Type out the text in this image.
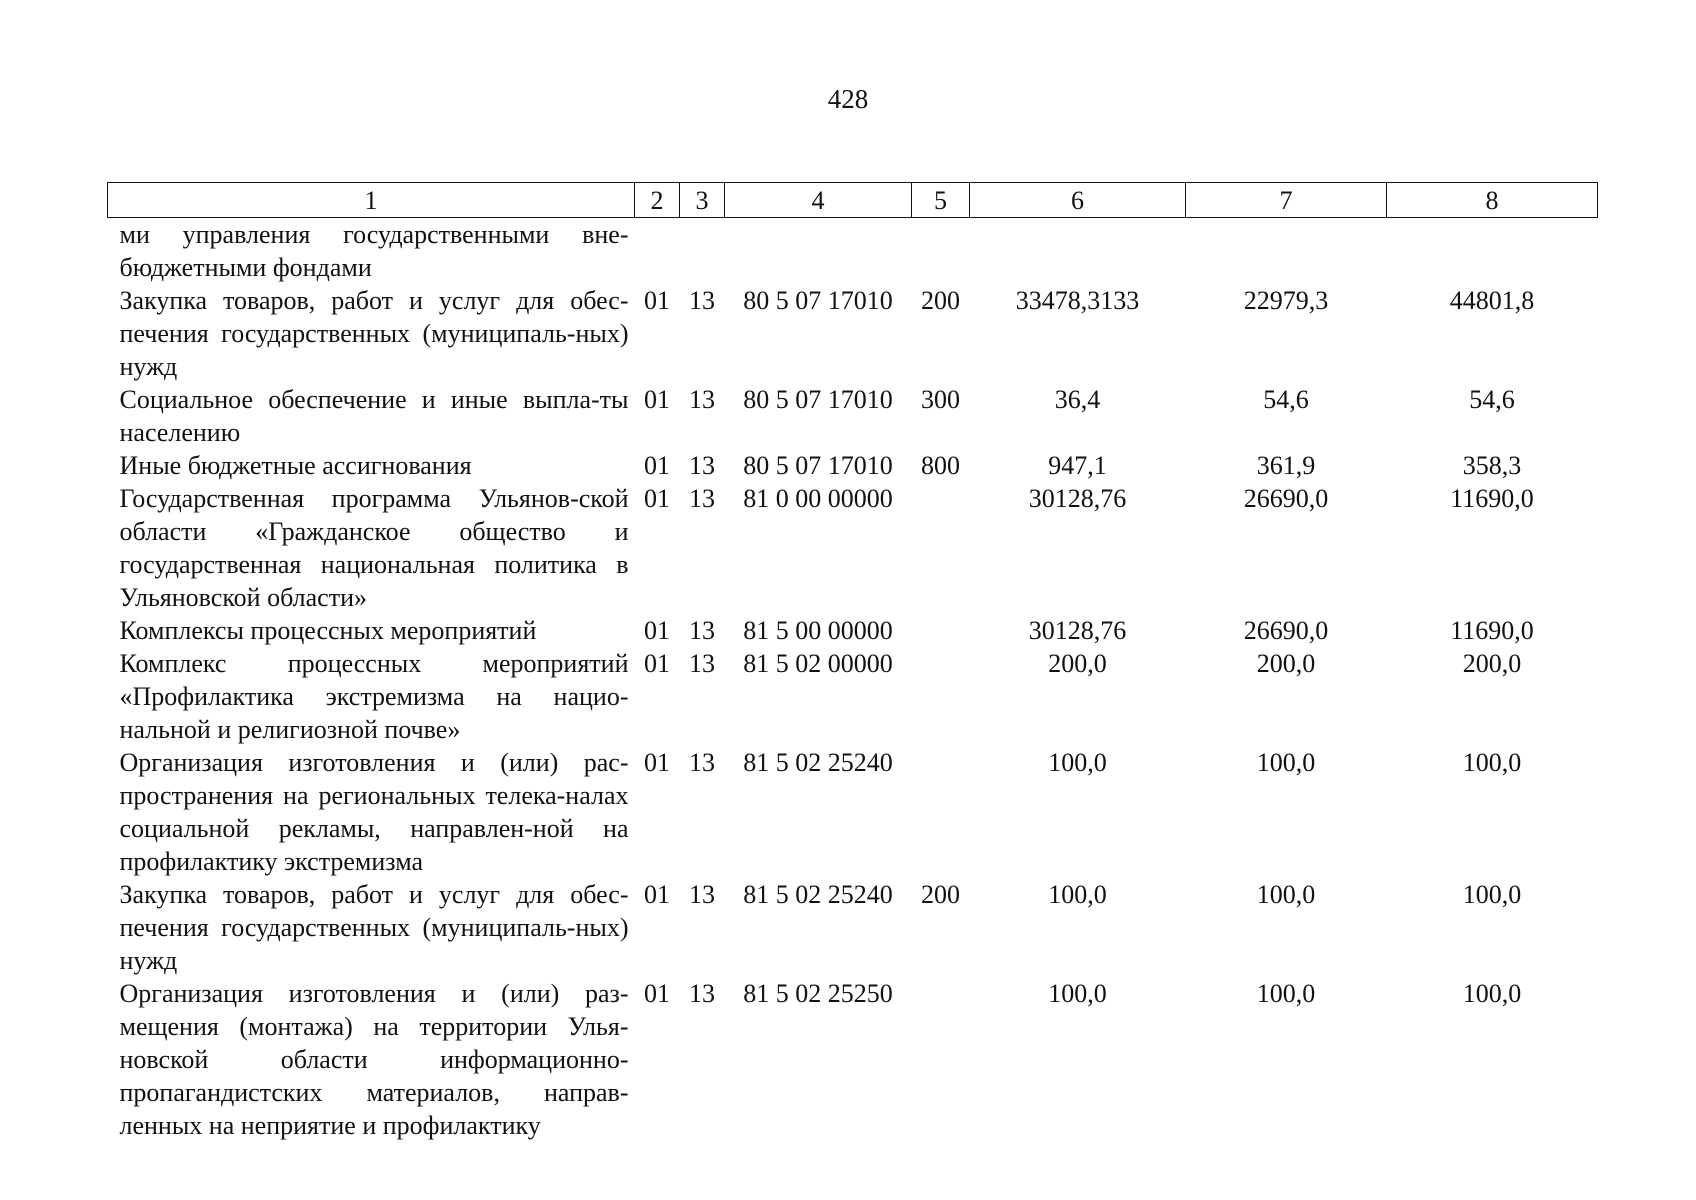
428
1	2	3	4	5	6	7	8
ми управления государственными вне-бюджетными фондами							
Закупка товаров, работ и услуг для обес-печения государственных (муниципаль-ных) нужд	01	13	80 5 07 17010	200	33478,3133	22979,3	44801,8
Социальное обеспечение и иные выпла-ты населению	01	13	80 5 07 17010	300	36,4	54,6	54,6
Иные бюджетные ассигнования	01	13	80 5 07 17010	800	947,1	361,9	358,3
Государственная программа Ульянов-ской области «Гражданское общество и государственная национальная политика в Ульяновской области»	01	13	81 0 00 00000		30128,76	26690,0	11690,0
Комплексы процессных мероприятий	01	13	81 5 00 00000		30128,76	26690,0	11690,0
Комплекс процессных мероприятий «Профилактика экстремизма на нацио-нальной и религиозной почве»	01	13	81 5 02 00000		200,0	200,0	200,0
Организация изготовления и (или) рас-пространения на региональных телека-налах социальной рекламы, направлен-ной на профилактику экстремизма	01	13	81 5 02 25240		100,0	100,0	100,0
Закупка товаров, работ и услуг для обес-печения государственных (муниципаль-ных) нужд	01	13	81 5 02 25240	200	100,0	100,0	100,0
Организация изготовления и (или) раз-мещения (монтажа) на территории Улья-новской области информационно-пропагандистских материалов, направ-ленных на неприятие и профилактику	01	13	81 5 02 25250		100,0	100,0	100,0
